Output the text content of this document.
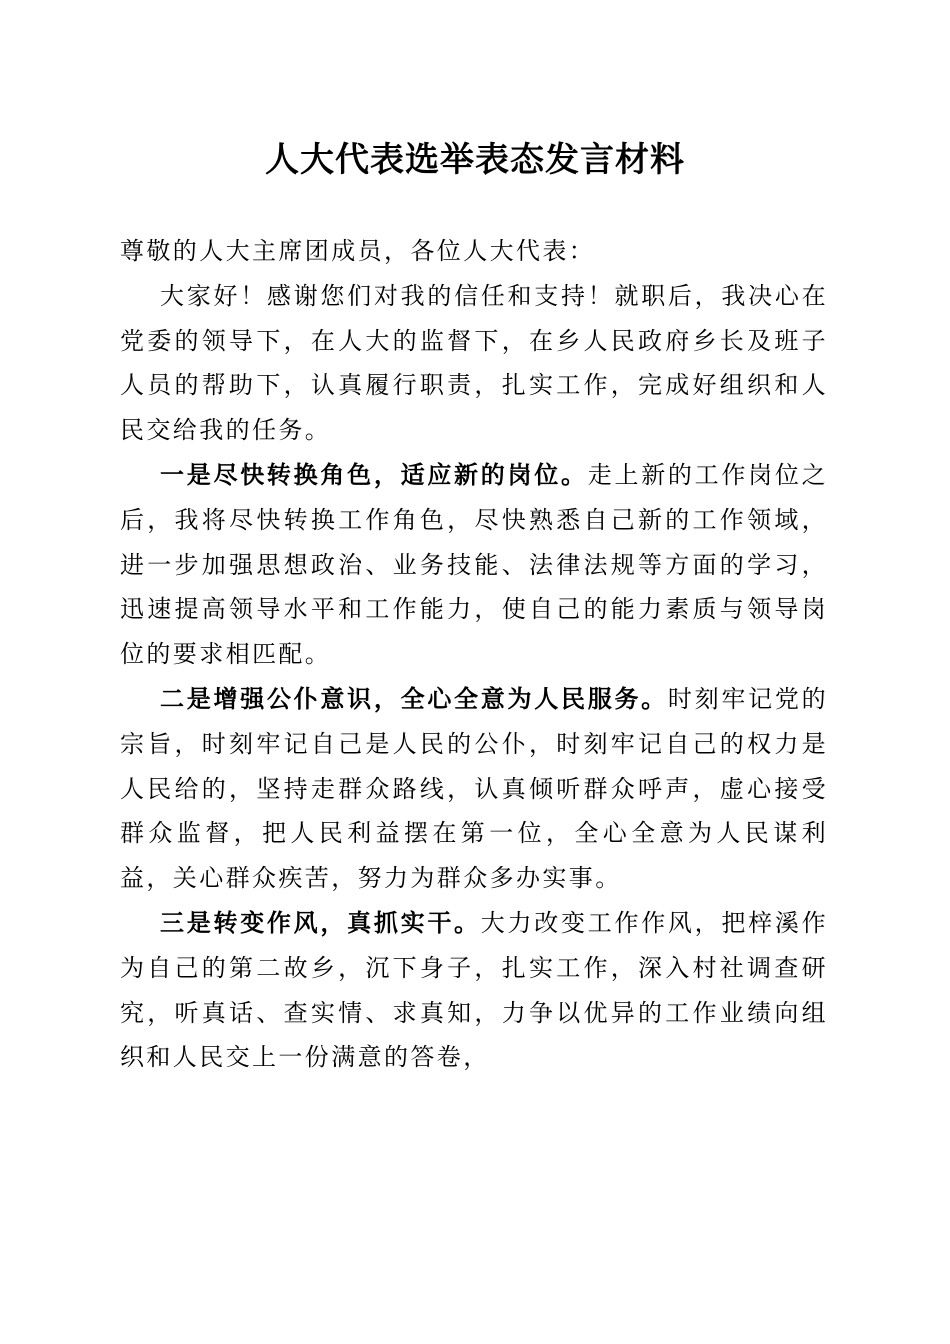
人大代表选举表态发言材料

尊敬的人大主席团成员，各位人大代表：

大家好！感谢您们对我的信任和支持！就职后，我决心在党委的领导下，在人大的监督下，在乡人民政府乡长及班子人员的帮助下，认真履行职责，扎实工作，完成好组织和人民交给我的任务。

一是尽快转换角色，适应新的岗位。走上新的工作岗位之后，我将尽快转换工作角色，尽快熟悉自己新的工作领域，进一步加强思想政治、业务技能、法律法规等方面的学习，迅速提高领导水平和工作能力，使自己的能力素质与领导岗位的要求相匹配。

二是增强公仆意识，全心全意为人民服务。时刻牢记党的宗旨，时刻牢记自己是人民的公仆，时刻牢记自己的权力是人民给的，坚持走群众路线，认真倾听群众呼声，虚心接受群众监督，把人民利益摆在第一位，全心全意为人民谋利益，关心群众疾苦，努力为群众多办实事。

三是转变作风，真抓实干。大力改变工作作风，把梓溪作为自己的第二故乡，沉下身子，扎实工作，深入村社调查研究，听真话、查实情、求真知，力争以优异的工作业绩向组织和人民交上一份满意的答卷，
